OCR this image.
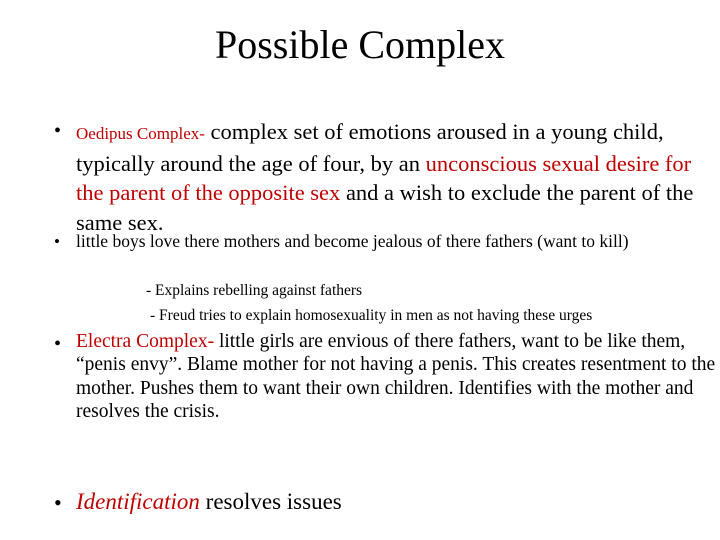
Possible Complex
• Oedipus Complex- complex set of emotions aroused in a young child, typically around the age of four, by an unconscious sexual desire for the parent of the opposite sex and a wish to exclude the parent of the same sex.

• little boys love there mothers and become jealous of there fathers (want to kill)

- Explains rebelling against fathers

- Freud tries to explain homosexuality in men as not having these urges

• Electra Complex- little girls are envious of there fathers, want to be like them, “penis envy”. Blame mother for not having a penis. This creates resentment to the mother. Pushes them to want their own children. Identifies with the mother and resolves the crisis.

• Identification resolves issues
